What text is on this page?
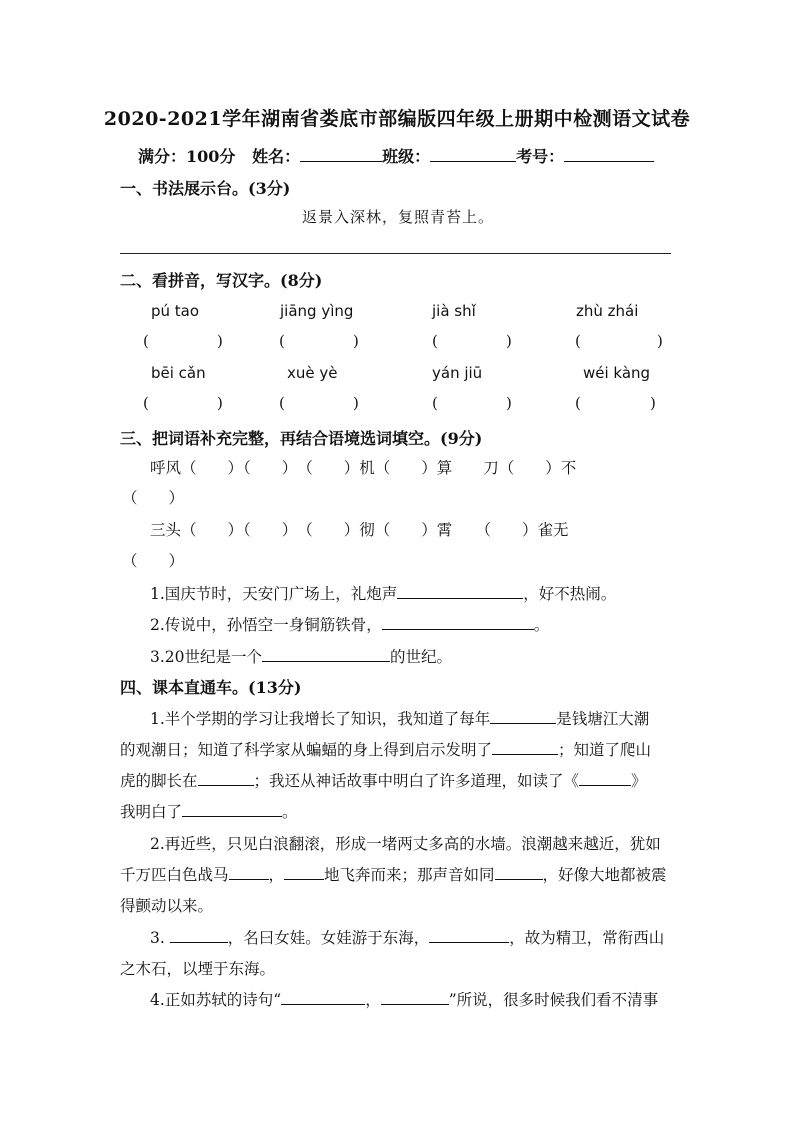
2020-2021学年湖南省娄底市部编版四年级上册期中检测语文试卷
满分：100分 姓名：	班级：	考号：
一、书法展示台。(3分)
返景入深林，复照青苔上。
二、看拼音，写汉字。(8分)
pú tao	jiāng yìng	jià shǐ	zhù zhái
(	)	(	)	(	)	(	)
bēi cǎn	xuè yè	yán jiū	wéi kàng
(	)	(	)	(	)	(	)
三、把词语补充完整，再结合语境选词填空。(9分)
呼风（　　）（　　）　（　　）机（　　）算　　刀（　　）不
（　　）
三头（　　）（　　）　（　　）彻（　　）霄　　（　　）雀无
（　　）
1.国庆节时，天安门广场上，礼炮声	，好不热闹。
2.传说中，孙悟空一身铜筋铁骨，	。
3.20世纪是一个	的世纪。
四、课本直通车。(13分)
1.半个学期的学习让我增长了知识，我知道了每年	是钱塘江大潮
的观潮日；知道了科学家从蝙蝠的身上得到启示发明了	；知道了爬山
虎的脚长在	；我还从神话故事中明白了许多道理，如读了《	》
我明白了	。
2.再近些，只见白浪翻滚，形成一堵两丈多高的水墙。浪潮越来越近，犹如
千万匹白色战马	，	地飞奔而来；那声音如同	，好像大地都被震
得颤动以来。
3.	，名曰女娃。女娃游于东海，	，故为精卫，常衔西山
之木石，以堙于东海。
4.正如苏轼的诗句“	，	”所说，很多时候我们看不清事
